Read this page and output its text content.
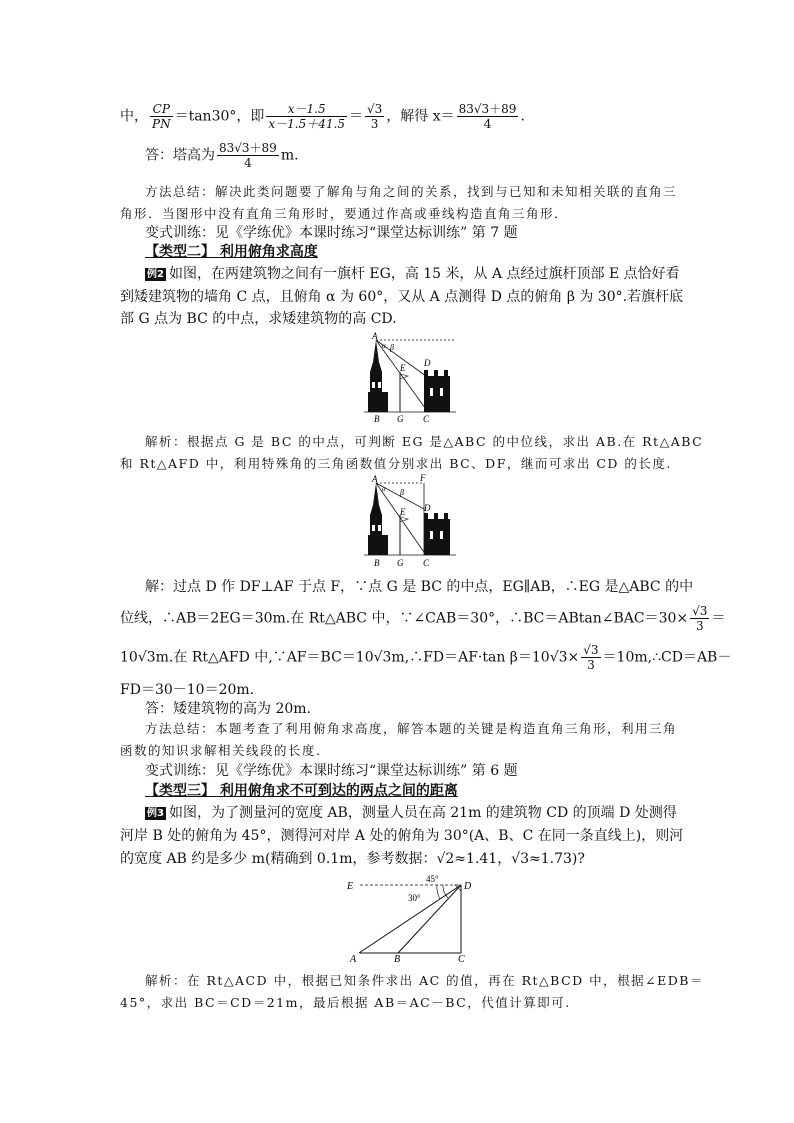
中， $\frac{CP}{PN} =\tan 30^\circ$，即 $\frac{x-1.5}{x-1.5+41.5} = \frac{√3}{3}$ ，解得 $x= \frac{83√3+89}{4}$ .
答：塔高为 $\frac{83√3+89}{4} m$.
方法总结：解决此类问题要了解角与角之间的关系，找到与已知和未知相关联的直角三
角形．当图形中没有直角三角形时，要通过作高或垂线构造直角三角形．
变式训练：见《学练优》本课时练习“课堂达标训练” 第 7 题
【类型二】 利用俯角求高度
例2 如图，在两建筑物之间有一旗杆 EG，高 15 米，从 A 点经过旗杆顶部 E 点恰好看
到矮建筑物的墙角 C 点，且俯角 α 为 60°，又从 A 点测得 D 点的俯角 β 为 30°.若旗杆底
部 G 点为 BC 的中点，求矮建筑物的高 CD.
A
α β
D
E
B G C
解析：根据点 G 是 BC 的中点，可判断 EG 是△ABC 的中位线，求出 AB.在 Rt△ABC
和 Rt△AFD 中，利用特殊角的三角函数值分别求出 BC、DF，继而可求出 CD 的长度.
A	F
α β
D
E
B G C
解：过点 D 作 DF⊥AF 于点 F，∵点 G 是 BC 的中点，EG∥AB，∴EG 是△ABC 的中
位线，∴AB＝2EG＝30m.在 Rt△ABC 中，∵∠CAB＝30°，∴BC＝ABtan∠BAC＝30× $\frac{√3}{3}$ ＝
10√3m.在 Rt△AFD 中,∵AF＝BC＝10√3m,∴FD＝AF·tan $\beta=10√3\times \frac{√3}{3}$ ＝10m,∴CD＝AB－
FD＝30－10＝20m.
答：矮建筑物的高为 20m.
方法总结：本题考查了利用俯角求高度，解答本题的关键是构造直角三角形，利用三角
函数的知识求解相关线段的长度.
变式训练：见《学练优》本课时练习“课堂达标训练” 第 6 题
【类型三】 利用俯角求不可到达的两点之间的距离
例3 如图，为了测量河的宽度 AB，测量人员在高 21m 的建筑物 CD 的顶端 D 处测得
河岸 B 处的俯角为 45°，测得河对岸 A 处的俯角为 30°(A、B、C 在同一条直线上)，则河
的宽度 AB 约是多少 m(精确到 0.1m，参考数据：√2≈1.41，√3≈1.73)?
E	D
45°
30°
A	B	C
解析：在 Rt△ACD 中，根据已知条件求出 AC 的值，再在 Rt△BCD 中，根据∠EDB＝
45°，求出 BC＝CD＝21m，最后根据 AB＝AC－BC，代值计算即可.
